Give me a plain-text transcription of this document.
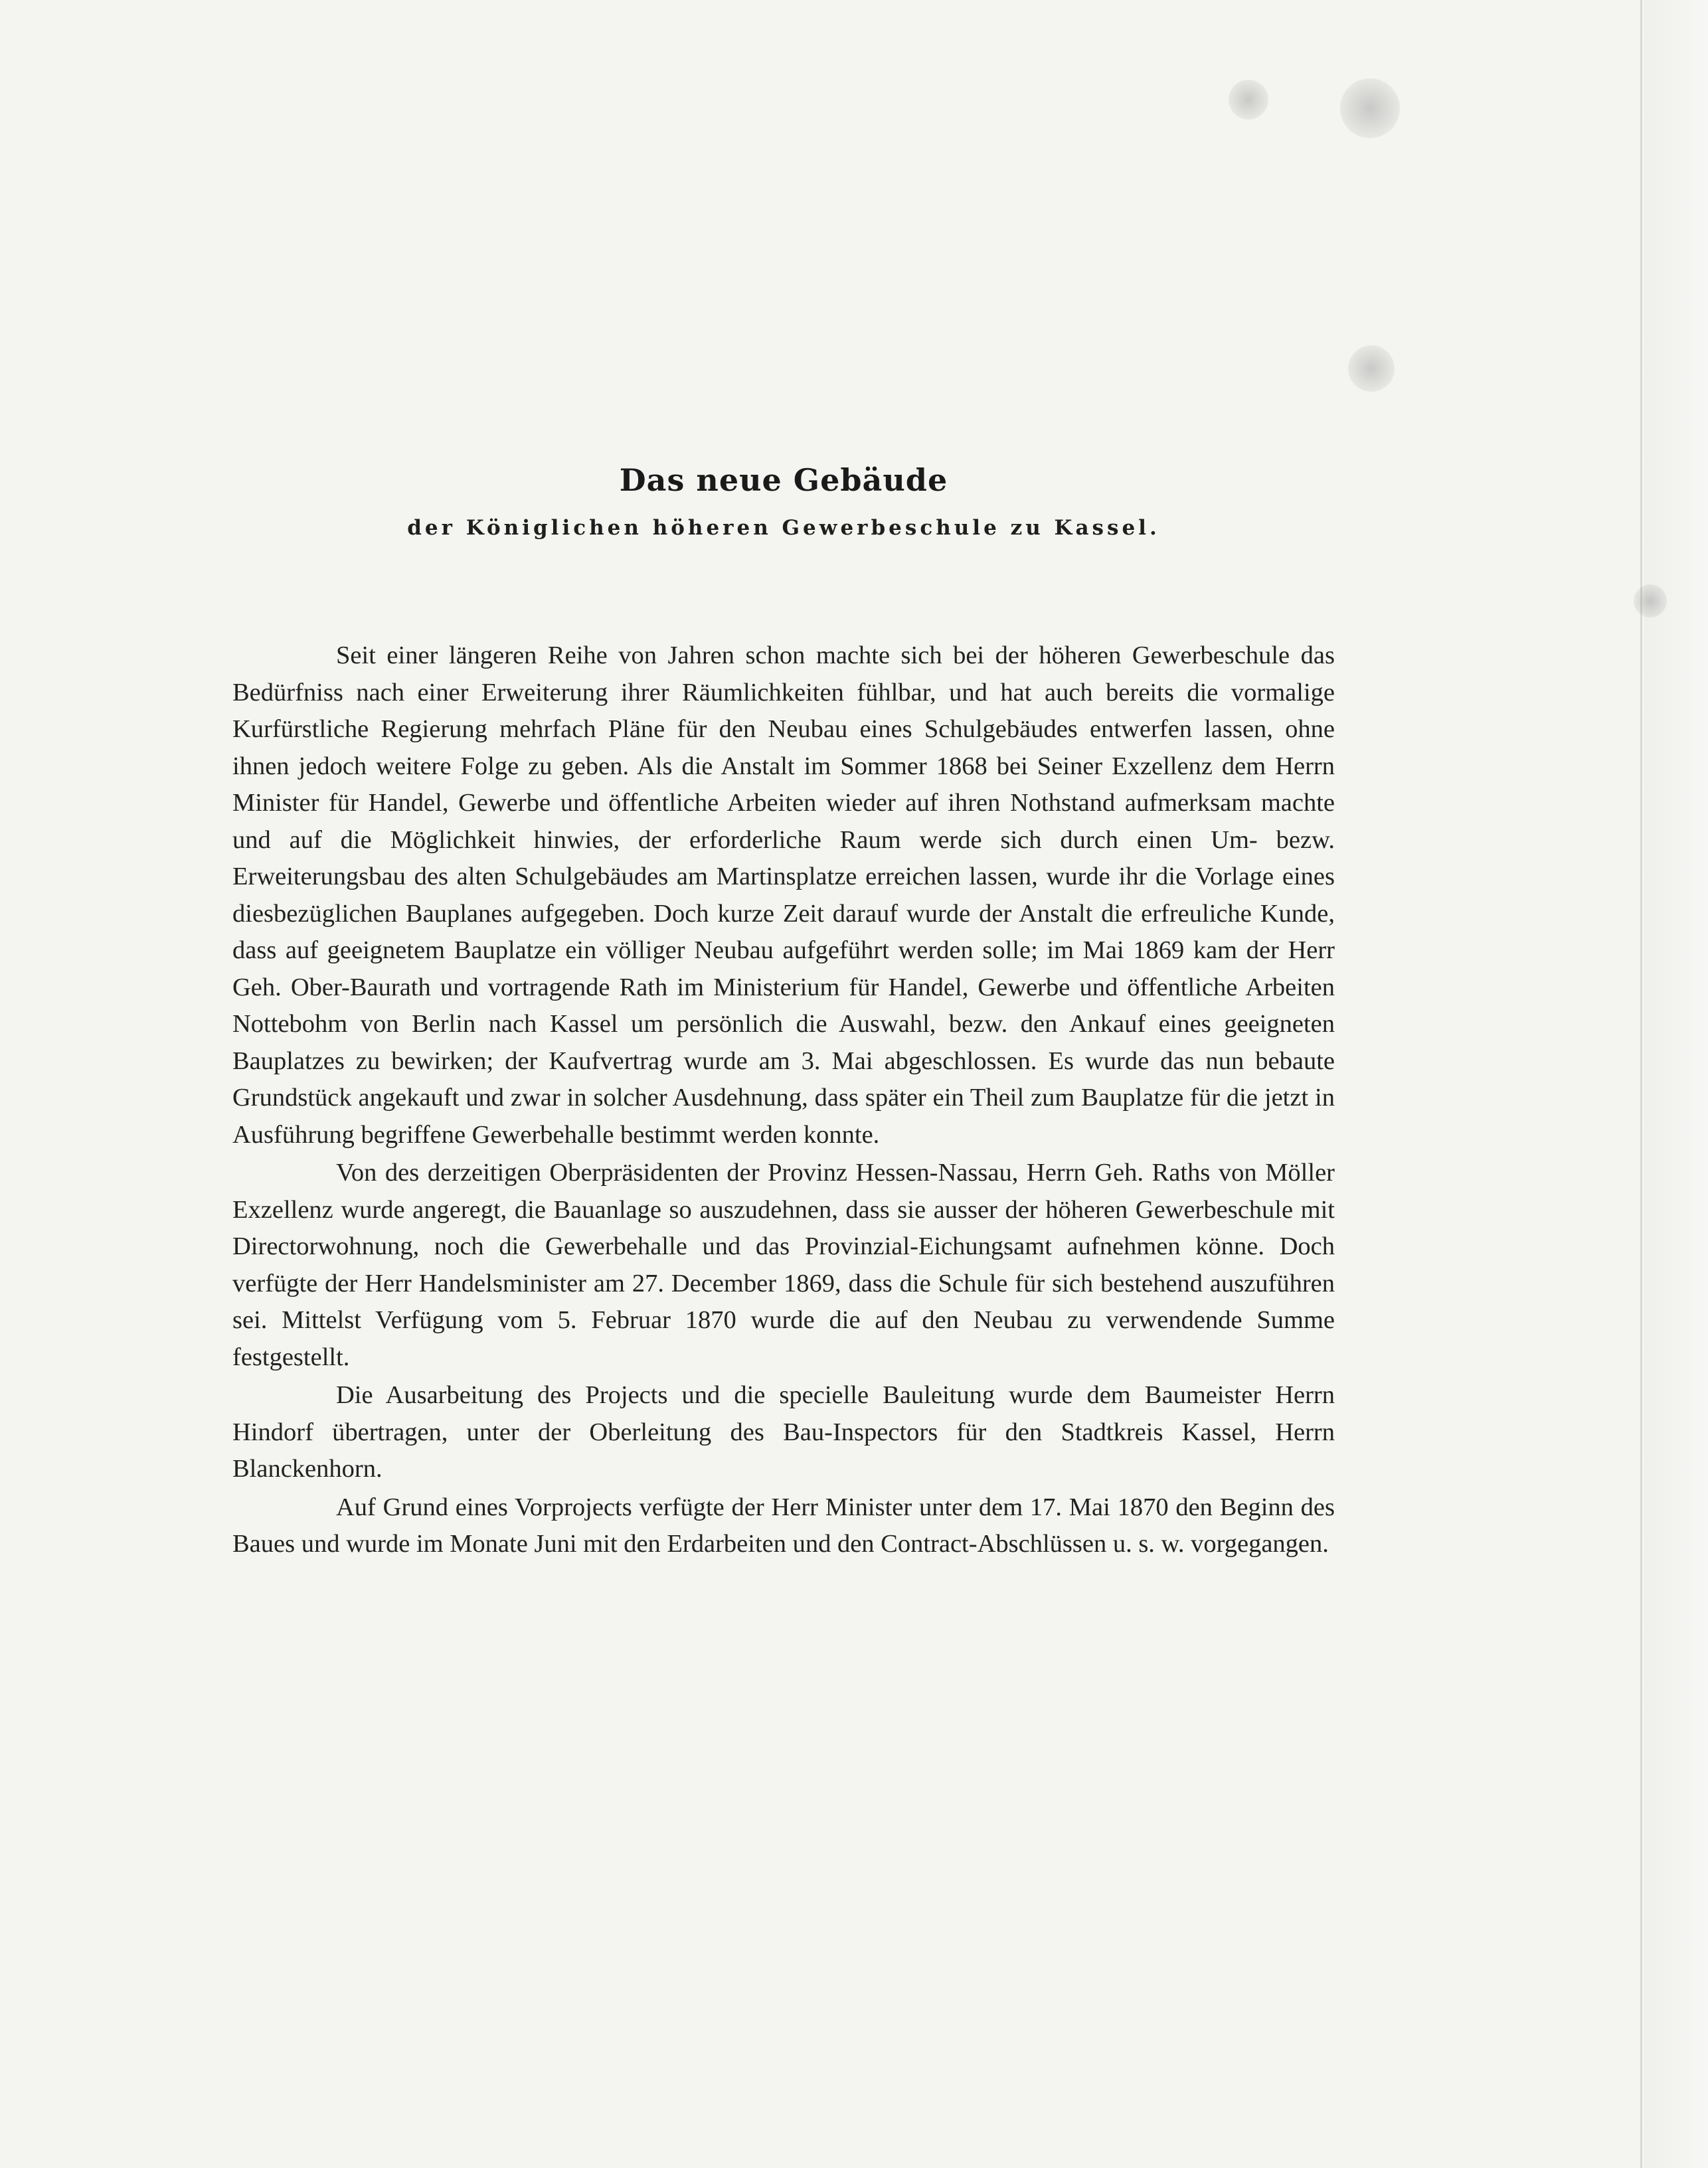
Das neue Gebäude
der Königlichen höheren Gewerbeschule zu Kassel.

Seit einer längeren Reihe von Jahren schon machte sich bei der höheren Gewerbeschule das Bedürfniss nach einer Erweiterung ihrer Räumlichkeiten fühlbar, und hat auch bereits die vormalige Kurfürstliche Regierung mehrfach Pläne für den Neubau eines Schulgebäudes entwerfen lassen, ohne ihnen jedoch weitere Folge zu geben. Als die Anstalt im Sommer 1868 bei Seiner Exzellenz dem Herrn Minister für Handel, Gewerbe und öffentliche Arbeiten wieder auf ihren Nothstand aufmerksam machte und auf die Möglichkeit hinwies, der erforderliche Raum werde sich durch einen Um- bezw. Erweiterungsbau des alten Schulgebäudes am Martinsplatze erreichen lassen, wurde ihr die Vorlage eines diesbezüglichen Bauplanes aufgegeben. Doch kurze Zeit darauf wurde der Anstalt die erfreuliche Kunde, dass auf geeignetem Bauplatze ein völliger Neubau aufgeführt werden solle; im Mai 1869 kam der Herr Geh. Ober-Baurath und vortragende Rath im Ministerium für Handel, Gewerbe und öffentliche Arbeiten Nottebohm von Berlin nach Kassel um persönlich die Auswahl, bezw. den Ankauf eines geeigneten Bauplatzes zu bewirken; der Kaufvertrag wurde am 3. Mai abgeschlossen. Es wurde das nun bebaute Grundstück angekauft und zwar in solcher Ausdehnung, dass später ein Theil zum Bauplatze für die jetzt in Ausführung begriffene Gewerbehalle bestimmt werden konnte.

Von des derzeitigen Oberpräsidenten der Provinz Hessen-Nassau, Herrn Geh. Raths von Möller Exzellenz wurde angeregt, die Bauanlage so auszudehnen, dass sie ausser der höheren Gewerbeschule mit Directorwohnung, noch die Gewerbehalle und das Provinzial-Eichungsamt aufnehmen könne. Doch verfügte der Herr Handelsminister am 27. December 1869, dass die Schule für sich bestehend auszuführen sei. Mittelst Verfügung vom 5. Februar 1870 wurde die auf den Neubau zu verwendende Summe festgestellt.

Die Ausarbeitung des Projects und die specielle Bauleitung wurde dem Baumeister Herrn Hindorf übertragen, unter der Oberleitung des Bau-Inspectors für den Stadtkreis Kassel, Herrn Blanckenhorn.

Auf Grund eines Vorprojects verfügte der Herr Minister unter dem 17. Mai 1870 den Beginn des Baues und wurde im Monate Juni mit den Erdarbeiten und den Contract-Abschlüssen u. s. w. vorgegangen.
